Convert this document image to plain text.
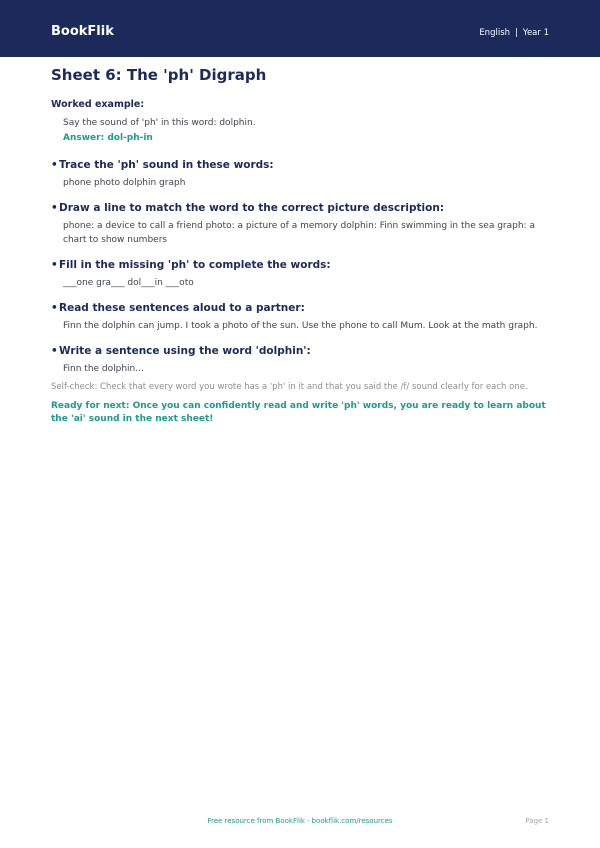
BookFlik	English | Year 1
Sheet 6: The 'ph' Digraph
Worked example:
Say the sound of 'ph' in this word: dolphin.
Answer: dol-ph-in
• Trace the 'ph' sound in these words:
phone photo dolphin graph
• Draw a line to match the word to the correct picture description:
phone: a device to call a friend photo: a picture of a memory dolphin: Finn swimming in the sea graph: a chart to show numbers
• Fill in the missing 'ph' to complete the words:
___one gra___ dol___in ___oto
• Read these sentences aloud to a partner:
Finn the dolphin can jump. I took a photo of the sun. Use the phone to call Mum. Look at the math graph.
• Write a sentence using the word 'dolphin':
Finn the dolphin...
Self-check: Check that every word you wrote has a 'ph' in it and that you said the /f/ sound clearly for each one.
Ready for next: Once you can confidently read and write 'ph' words, you are ready to learn about the 'ai' sound in the next sheet!
Free resource from BookFlik · bookflik.com/resources	Page 1
